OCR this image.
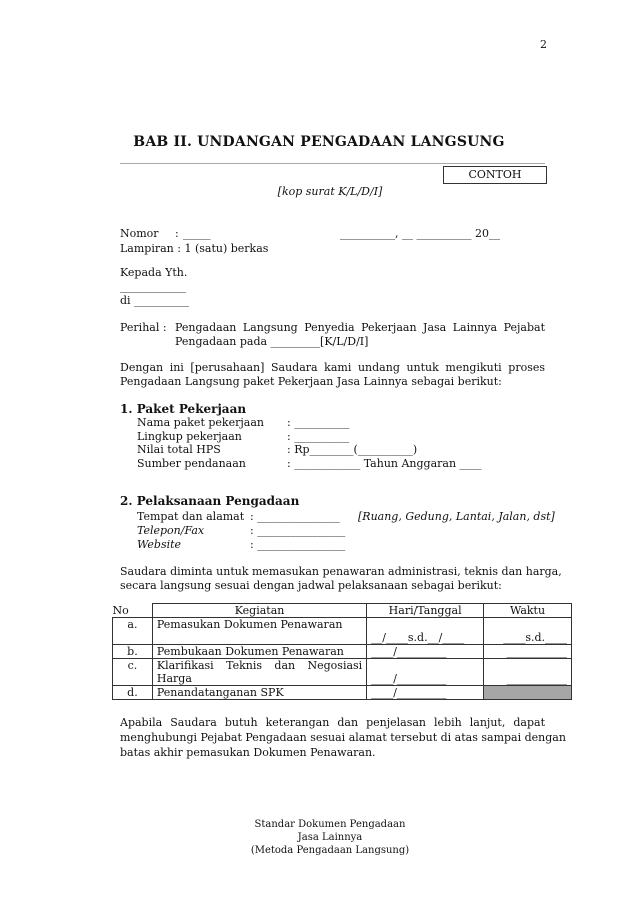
2
BAB II. UNDANGAN PENGADAAN LANGSUNG
CONTOH
[kop surat K/L/D/I]
Nomor : _____	__________, __ __________ 20__
Lampiran : 1 (satu) berkas
Kepada Yth.
____________
di __________
Perihal : Pengadaan Langsung Penyedia Pekerjaan Jasa Lainnya Pejabat
Pengadaan pada _________[K/L/D/I]
Dengan ini [perusahaan] Saudara kami undang untuk mengikuti proses
Pengadaan Langsung paket Pekerjaan Jasa Lainnya sebagai berikut:
1. Paket Pekerjaan
Nama paket pekerjaan : __________
Lingkup pekerjaan	: __________
Nilai total HPS	: Rp________(__________)
Sumber pendanaan	: ____________ Tahun Anggaran ____
2. Pelaksanaan Pengadaan
Tempat dan alamat : _______________ [Ruang, Gedung, Lantai, Jalan, dst]
Telepon/Fax	: ________________
Website	: ________________
Saudara diminta untuk memasukan penawaran administrasi, teknis dan harga,
secara langsung sesuai dengan jadwal pelaksanaan sebagai berikut:
No	Kegiatan	Hari/Tanggal	Waktu
a.	Pemasukan Dokumen Penawaran	__/____s.d.__/____	____s.d.____
b.	Pembukaan Dokumen Penawaran	____/_________	___________
c.	Klarifikasi Teknis dan Negosiasi
Harga	____/_________	___________
d.	Penandatanganan SPK	____/_________	
Apabila Saudara butuh keterangan dan penjelasan lebih lanjut, dapat
menghubungi Pejabat Pengadaan sesuai alamat tersebut di atas sampai dengan
batas akhir pemasukan Dokumen Penawaran.
Standar Dokumen Pengadaan
Jasa Lainnya
(Metoda Pengadaan Langsung)
